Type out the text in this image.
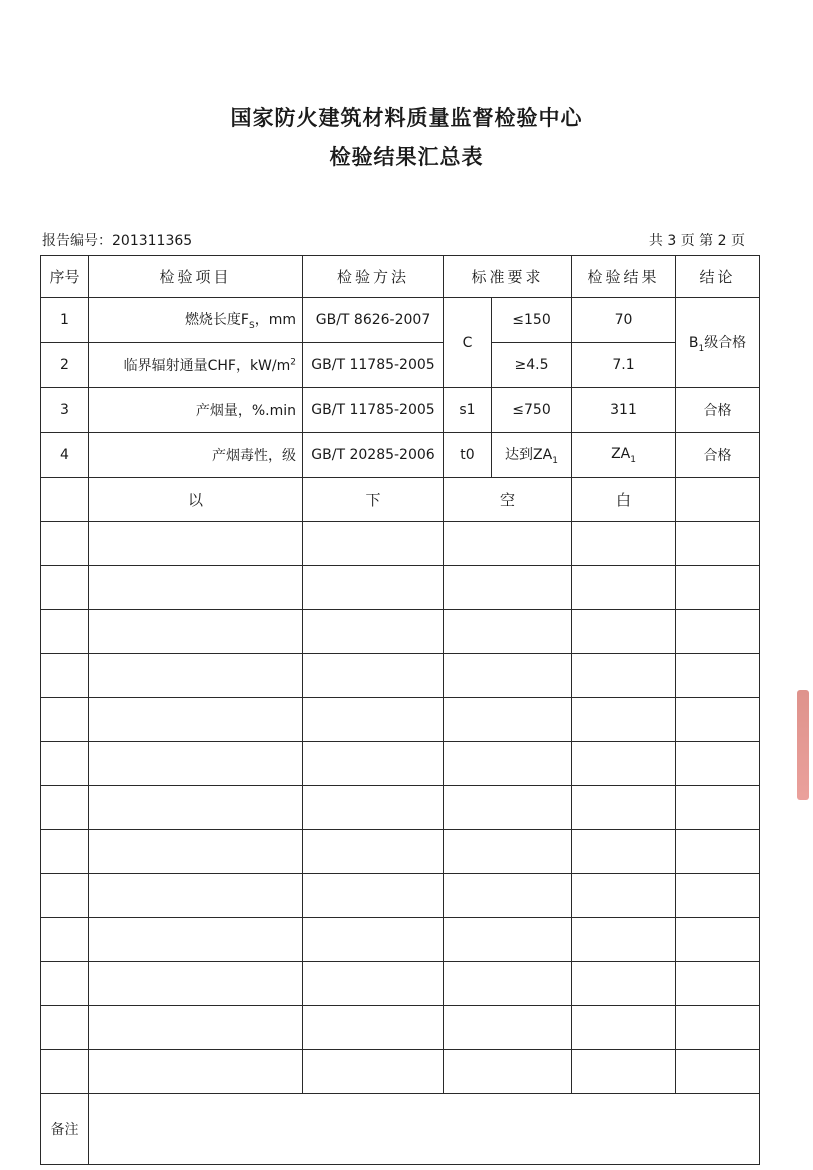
国家防火建筑材料质量监督检验中心
检验结果汇总表
报告编号：201311365	共 3 页 第 2 页
序号	检验项目	检验方法	标准要求		检验结果	结论
1	燃烧长度$F_S$，mm	GB/T 8626-2007	C	≤150	70	$B_1$级合格
2	临界辐射通量CHF，$kW/m^2$	GB/T 11785-2005		≥4.5	7.1	
3	产烟量，%.min	GB/T 11785-2005	s1	≤750	311	合格
4	产烟毒性，级	GB/T 20285-2006	t0	达到$ZA_1$	$ZA_1$	合格
	以	下	空		白	

备注						
